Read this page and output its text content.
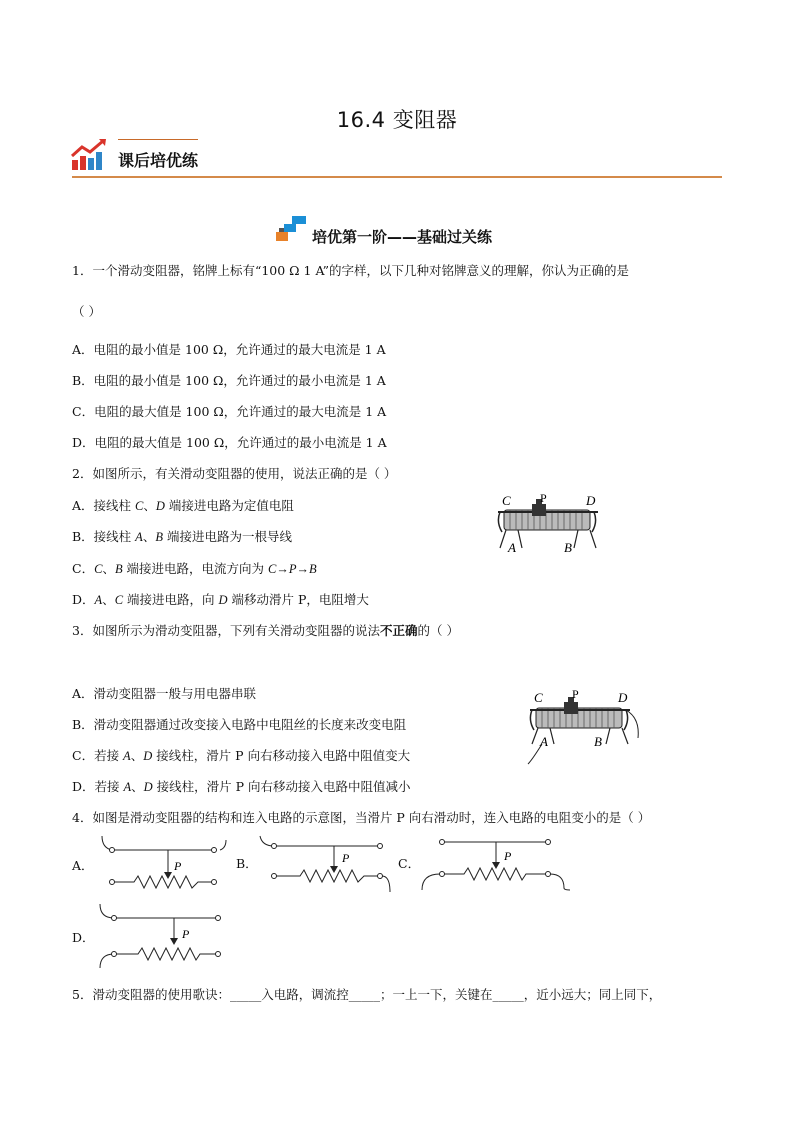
16.4 变阻器
课后培优练
培优第一阶——基础过关练
1．一个滑动变阻器，铭牌上标有“100 Ω 1 A”的字样，以下几种对铭牌意义的理解，你认为正确的是
（ ）
A．电阻的最小值是 100 Ω，允许通过的最大电流是 1 A
B．电阻的最小值是 100 Ω，允许通过的最小电流是 1 A
C．电阻的最大值是 100 Ω，允许通过的最大电流是 1 A
D．电阻的最大值是 100 Ω，允许通过的最小电流是 1 A
2．如图所示，有关滑动变阻器的使用，说法正确的是（ ）
A．接线柱 C、D 端接进电路为定值电阻
B．接线柱 A、B 端接进电路为一根导线
C．C、B 端接进电路，电流方向为 C→P→B
D．A、C 端接进电路，向 D 端移动滑片 P，电阻增大
C P	D
A	B
3．如图所示为滑动变阻器，下列有关滑动变阻器的说法不正确的（ ）
A．滑动变阻器一般与用电器串联
B．滑动变阻器通过改变接入电路中电阻丝的长度来改变电阻
C．若接 A、D 接线柱，滑片 P 向右移动接入电路中阻值变大
D．若接 A、D 接线柱，滑片 P 向右移动接入电路中阻值减小
C P	D
A	B
4．如图是滑动变阻器的结构和连入电路的示意图，当滑片 P 向右滑动时，连入电路的电阻变小的是（ ）
A．	P	B．	P	C．	P
D．	P
5．滑动变阻器的使用歌诀：_____入电路，调流控_____；一上一下，关键在_____，近小远大；同上同下，
